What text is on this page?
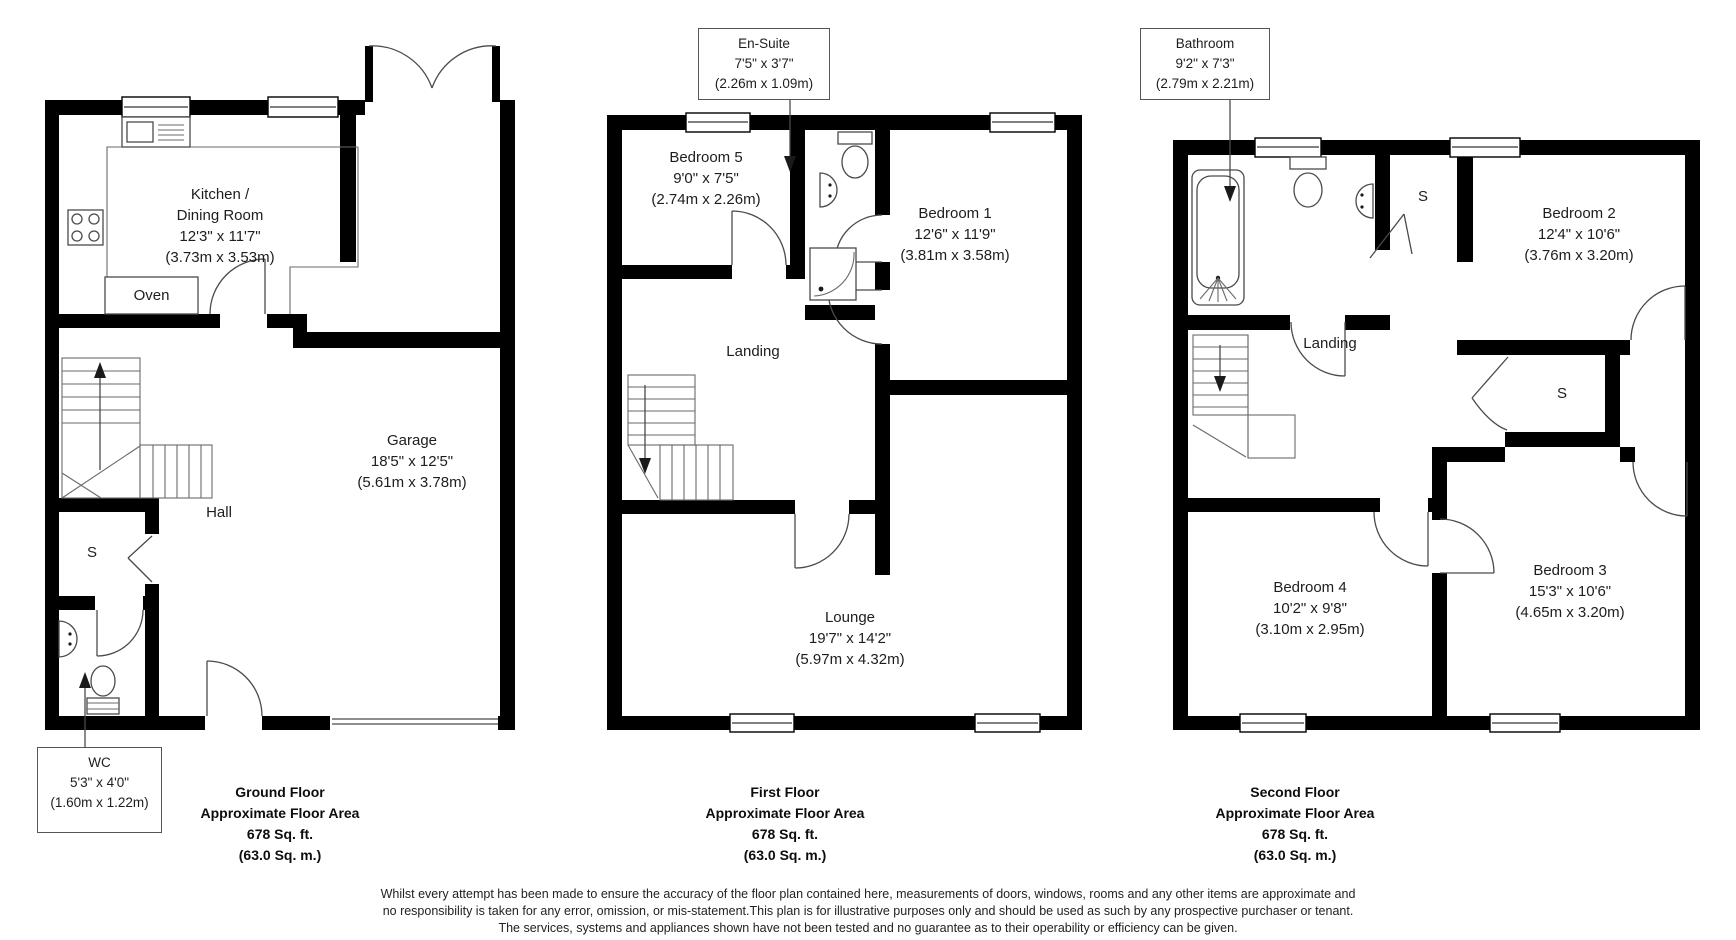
Kitchen /
Dining Room
12'3" x 11'7"
(3.73m x 3.53m)
Oven
S
Hall
Garage
18'5" x 12'5"
(5.61m x 3.78m)
WC
5'3" x 4'0"
(1.60m x 1.22m)
Ground Floor
Approximate Floor Area
678 Sq. ft.
(63.0 Sq. m.)
Bedroom 5
9'0" x 7'5"
(2.74m x 2.26m)
Bedroom 1
12'6" x 11'9"
(3.81m x 3.58m)
Landing
Lounge
19'7" x 14'2"
(5.97m x 4.32m)
En-Suite
7'5" x 3'7"
(2.26m x 1.09m)
First Floor
Approximate Floor Area
678 Sq. ft.
(63.0 Sq. m.)
S
Bedroom 2
12'4" x 10'6"
(3.76m x 3.20m)
Landing
S
Bedroom 4
10'2" x 9'8"
(3.10m x 2.95m)
Bedroom 3
15'3" x 10'6"
(4.65m x 3.20m)
Bathroom
9'2" x 7'3"
(2.79m x 2.21m)
Second Floor
Approximate Floor Area
678 Sq. ft.
(63.0 Sq. m.)
Whilst every attempt has been made to ensure the accuracy of the floor plan contained here, measurements of doors, windows, rooms and any other items are approximate and
no responsibility is taken for any error, omission, or mis-statement.This plan is for illustrative purposes only and should be used as such by any prospective purchaser or tenant.
The services, systems and appliances shown have not been tested and no guarantee as to their operability or efficiency can be given.
